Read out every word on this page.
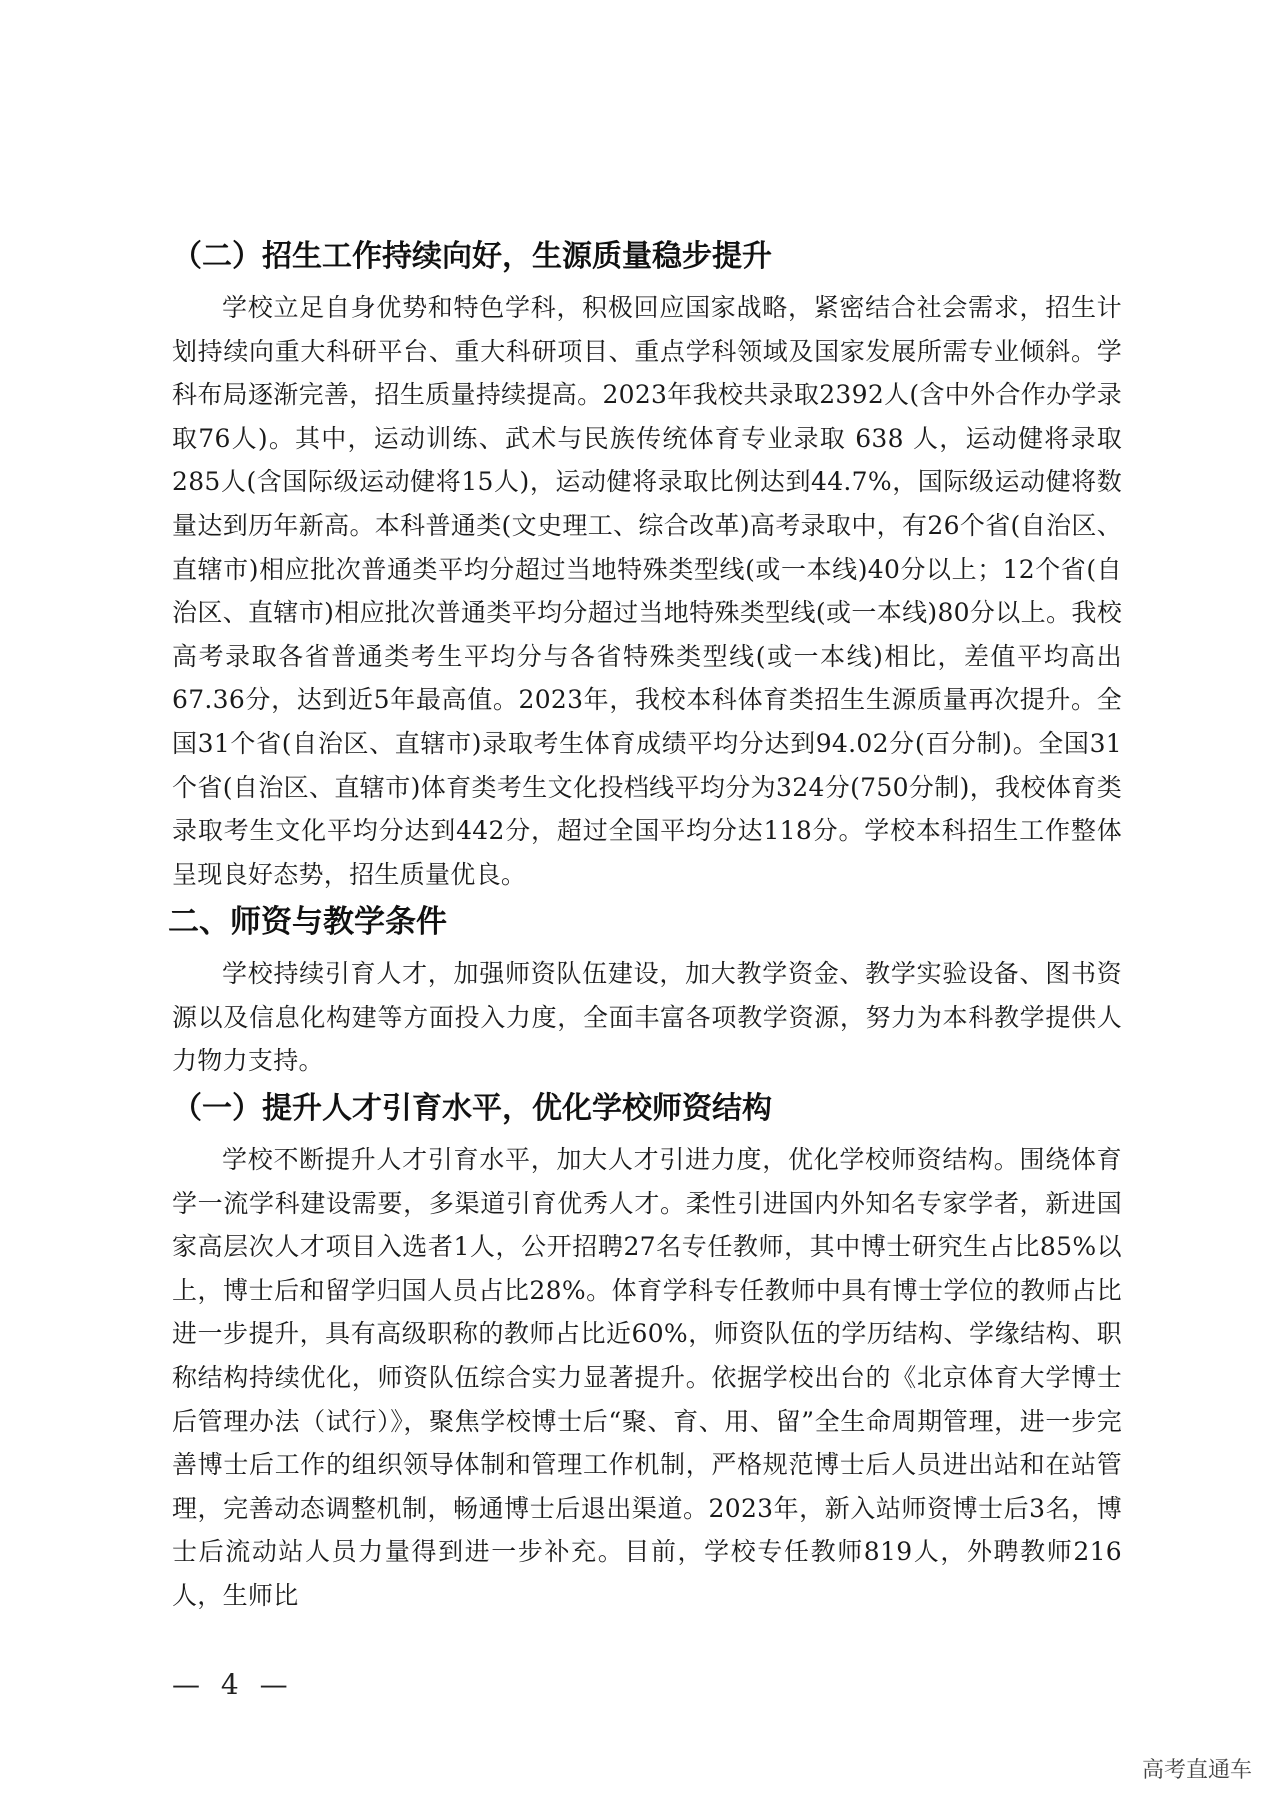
（二）招生工作持续向好，生源质量稳步提升

学校立足自身优势和特色学科，积极回应国家战略，紧密结合社会需求，招生计划持续向重大科研平台、重大科研项目、重点学科领域及国家发展所需专业倾斜。学科布局逐渐完善，招生质量持续提高。2023年我校共录取2392人(含中外合作办学录取76人)。其中，运动训练、武术与民族传统体育专业录取 638 人，运动健将录取285人(含国际级运动健将15人)，运动健将录取比例达到44.7%，国际级运动健将数量达到历年新高。本科普通类(文史理工、综合改革)高考录取中，有26个省(自治区、直辖市)相应批次普通类平均分超过当地特殊类型线(或一本线)40分以上；12个省(自治区、直辖市)相应批次普通类平均分超过当地特殊类型线(或一本线)80分以上。我校高考录取各省普通类考生平均分与各省特殊类型线(或一本线)相比，差值平均高出67.36分，达到近5年最高值。2023年，我校本科体育类招生生源质量再次提升。全国31个省(自治区、直辖市)录取考生体育成绩平均分达到94.02分(百分制)。全国31个省(自治区、直辖市)体育类考生文化投档线平均分为324分(750分制)，我校体育类录取考生文化平均分达到442分，超过全国平均分达118分。学校本科招生工作整体呈现良好态势，招生质量优良。

二、师资与教学条件

学校持续引育人才，加强师资队伍建设，加大教学资金、教学实验设备、图书资源以及信息化构建等方面投入力度，全面丰富各项教学资源，努力为本科教学提供人力物力支持。

（一）提升人才引育水平，优化学校师资结构

学校不断提升人才引育水平，加大人才引进力度，优化学校师资结构。围绕体育学一流学科建设需要，多渠道引育优秀人才。柔性引进国内外知名专家学者，新进国家高层次人才项目入选者1人，公开招聘27名专任教师，其中博士研究生占比85%以上，博士后和留学归国人员占比28%。体育学科专任教师中具有博士学位的教师占比进一步提升，具有高级职称的教师占比近60%，师资队伍的学历结构、学缘结构、职称结构持续优化，师资队伍综合实力显著提升。依据学校出台的《北京体育大学博士后管理办法（试行）》，聚焦学校博士后“聚、育、用、留”全生命周期管理，进一步完善博士后工作的组织领导体制和管理工作机制，严格规范博士后人员进出站和在站管理，完善动态调整机制，畅通博士后退出渠道。2023年，新入站师资博士后3名，博士后流动站人员力量得到进一步补充。目前，学校专任教师819人，外聘教师216人，生师比

— 4 —

高考直通车
